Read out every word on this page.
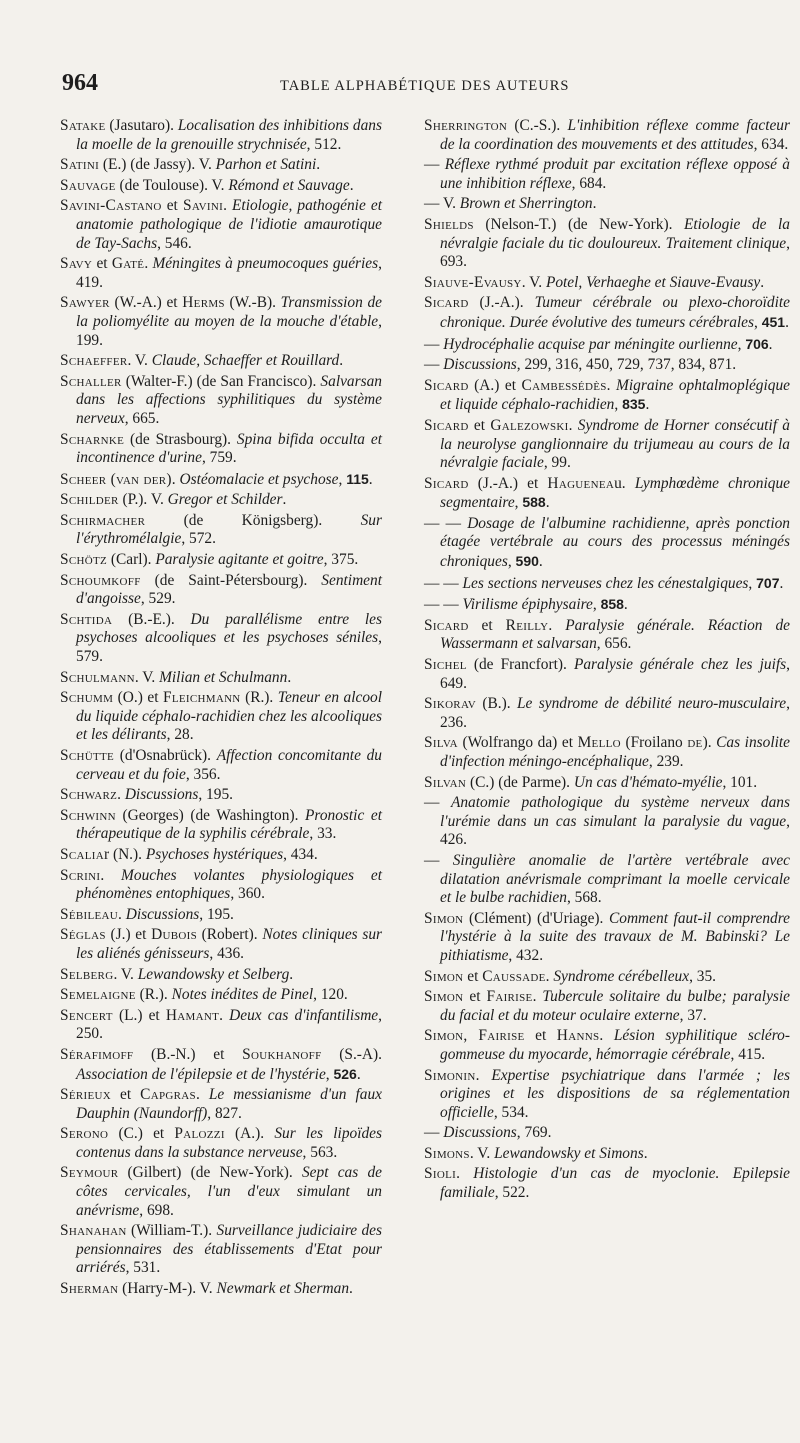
964	TABLE ALPHABÉTIQUE DES AUTEURS

Satake (Jasutaro). Localisation des inhibitions dans la moelle de la grenouille strychnisée, 512.

Satini (E.) (de Jassy). V. Parhon et Satini.

Sauvage (de Toulouse). V. Rémond et Sauvage.

Savini-Castano et Savini. Etiologie, pathogénie et anatomie pathologique de l'idiotie amaurotique de Tay-Sachs, 546.

Savy et Gaté. Méningites à pneumocoques guéries, 419.

Sawyer (W.-A.) et Herms (W.-B). Transmission de la poliomyélite au moyen de la mouche d'étable, 199.

Schaeffer. V. Claude, Schaeffer et Rouillard.

Schaller (Walter-F.) (de San Francisco). Salvarsan dans les affections syphilitiques du système nerveux, 665.

Scharnke (de Strasbourg). Spina bifida occulta et incontinence d'urine, 759.

Scheer (van der). Ostéomalacie et psychose, 115.

Schilder (P.). V. Gregor et Schilder.

Schirmacher (de Königsberg). Sur l'érythromélalgie, 572.

Schötz (Carl). Paralysie agitante et goitre, 375.

Schoumkoff (de Saint-Pétersbourg). Sentiment d'angoisse, 529.

Schtida (B.-E.). Du parallélisme entre les psychoses alcooliques et les psychoses séniles, 579.

Schulmann. V. Milian et Schulmann.

Schumm (O.) et Fleichmann (R.). Teneur en alcool du liquide céphalo-rachidien chez les alcooliques et les délirants, 28.

Schütte (d'Osnabrück). Affection concomitante du cerveau et du foie, 356.

Schwarz. Discussions, 195.

Schwinn (Georges) (de Washington). Pronostic et thérapeutique de la syphilis cérébrale, 33.

Scaliar (N.). Psychoses hystériques, 434.

Scrini. Mouches volantes physiologiques et phénomènes entophiques, 360.

Sébileau. Discussions, 195.

Séglas (J.) et Dubois (Robert). Notes cliniques sur les aliénés génisseurs, 436.

Selberg. V. Lewandowsky et Selberg.

Semelaigne (R.). Notes inédites de Pinel, 120.

Sencert (L.) et Hamant. Deux cas d'infantilisme, 250.

Sérafimoff (B.-N.) et Soukhanoff (S.-A). Association de l'épilepsie et de l'hystérie, 526.

Sérieux et Capgras. Le messianisme d'un faux Dauphin (Naundorff), 827.

Serono (C.) et Palozzi (A.). Sur les lipoïdes contenus dans la substance nerveuse, 563.

Seymour (Gilbert) (de New-York). Sept cas de côtes cervicales, l'un d'eux simulant un anévrisme, 698.

Shanahan (William-T.). Surveillance judiciaire des pensionnaires des établissements d'Etat pour arriérés, 531.

Sherman (Harry-M-). V. Newmark et Sherman.

Sherrington (C.-S.). L'inhibition réflexe comme facteur de la coordination des mouvements et des attitudes, 634.

— Réflexe rythmé produit par excitation réflexe opposé à une inhibition réflexe, 684.

— V. Brown et Sherrington.

Shields (Nelson-T.) (de New-York). Etiologie de la névralgie faciale du tic douloureux. Traitement clinique, 693.

Siauve-Evausy. V. Potel, Verhaeghe et Siauve-Evausy.

Sicard (J.-A.). Tumeur cérébrale ou plexo-choroïdite chronique. Durée évolutive des tumeurs cérébrales, 451.

— Hydrocéphalie acquise par méningite ourlienne, 706.

— Discussions, 299, 316, 450, 729, 737, 834, 871.

Sicard (A.) et Cambessédès. Migraine ophtalmoplégique et liquide céphalo-rachidien, 835.

Sicard et Galezowski. Syndrome de Horner consécutif à la neurolyse ganglionnaire du trijumeau au cours de la névralgie faciale, 99.

Sicard (J.-A.) et Hagueneau. Lymphœdème chronique segmentaire, 588.

— — Dosage de l'albumine rachidienne, après ponction étagée vertébrale au cours des processus méningés chroniques, 590.

— — Les sections nerveuses chez les cénestalgiques, 707.

— — Virilisme épiphysaire, 858.

Sicard et Reilly. Paralysie générale. Réaction de Wassermann et salvarsan, 656.

Sichel (de Francfort). Paralysie générale chez les juifs, 649.

Sikorav (B.). Le syndrome de débilité neuro-musculaire, 236.

Silva (Wolfrango da) et Mello (Froilano de). Cas insolite d'infection méningo-encéphalique, 239.

Silvan (C.) (de Parme). Un cas d'hémato-myélie, 101.

— Anatomie pathologique du système nerveux dans l'urémie dans un cas simulant la paralysie du vague, 426.

— Singulière anomalie de l'artère vertébrale avec dilatation anévrismale comprimant la moelle cervicale et le bulbe rachidien, 568.

Simon (Clément) (d'Uriage). Comment faut-il comprendre l'hystérie à la suite des travaux de M. Babinski? Le pithiatisme, 432.

Simon et Caussade. Syndrome cérébelleux, 35.

Simon et Fairise. Tubercule solitaire du bulbe; paralysie du facial et du moteur oculaire externe, 37.

Simon, Fairise et Hanns. Lésion syphilitique scléro-gommeuse du myocarde, hémorragie cérébrale, 415.

Simonin. Expertise psychiatrique dans l'armée ; les origines et les dispositions de sa réglementation officielle, 534.

— Discussions, 769.

Simons. V. Lewandowsky et Simons.

Sioli. Histologie d'un cas de myoclonie. Epilepsie familiale, 522.
